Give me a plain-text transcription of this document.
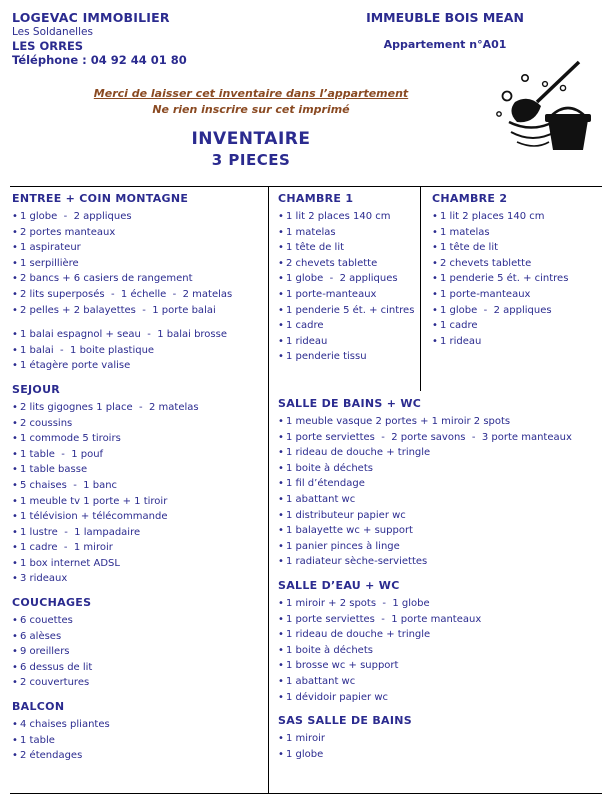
LOGEVAC IMMOBILIER
Les Soldanelles
LES ORRES
Téléphone : 04 92 44 01 80
IMMEUBLE BOIS MEAN
Appartement n°A01
Merci de laisser cet inventaire dans l’appartement
Ne rien inscrire sur cet imprimé
INVENTAIRE
3 PIECES
ENTREE + COIN MONTAGNE
• 1 globe  -  2 appliques
• 2 portes manteaux
• 1 aspirateur
• 1 serpillière
• 2 bancs + 6 casiers de rangement
• 2 lits superposés  -  1 échelle  -  2 matelas
• 2 pelles + 2 balayettes  -  1 porte balai
• 1 balai espagnol + seau  -  1 balai brosse
• 1 balai  -  1 boite plastique
• 1 étagère porte valise
SEJOUR
• 2 lits gigognes 1 place  -  2 matelas
• 2 coussins
• 1 commode 5 tiroirs
• 1 table  -  1 pouf
• 1 table basse
• 5 chaises  -  1 banc
• 1 meuble tv 1 porte + 1 tiroir
• 1 télévision + télécommande
• 1 lustre  -  1 lampadaire
• 1 cadre  -  1 miroir
• 1 box internet ADSL
• 3 rideaux
COUCHAGES
• 6 couettes
• 6 alèses
• 9 oreillers
• 6 dessus de lit
• 2 couvertures
BALCON
• 4 chaises pliantes
• 1 table
• 2 étendages
CHAMBRE 1
• 1 lit 2 places 140 cm
• 1 matelas
• 1 tête de lit
• 2 chevets tablette
• 1 globe  -  2 appliques
• 1 porte-manteaux
• 1 penderie 5 ét. + cintres
• 1 cadre
• 1 rideau
• 1 penderie tissu
CHAMBRE 2
• 1 lit 2 places 140 cm
• 1 matelas
• 1 tête de lit
• 2 chevets tablette
• 1 penderie 5 ét. + cintres
• 1 porte-manteaux
• 1 globe  -  2 appliques
• 1 cadre
• 1 rideau
SALLE DE BAINS + WC
• 1 meuble vasque 2 portes + 1 miroir 2 spots
• 1 porte serviettes  -  2 porte savons  -  3 porte manteaux
• 1 rideau de douche + tringle
• 1 boite à déchets
• 1 fil d’étendage
• 1 abattant wc
• 1 distributeur papier wc
• 1 balayette wc + support
• 1 panier pinces à linge
• 1 radiateur sèche-serviettes
SALLE D’EAU + WC
• 1 miroir + 2 spots  -  1 globe
• 1 porte serviettes  -  1 porte manteaux
• 1 rideau de douche + tringle
• 1 boite à déchets
• 1 brosse wc + support
• 1 abattant wc
• 1 dévidoir papier wc
SAS SALLE DE BAINS
• 1 miroir
• 1 globe
